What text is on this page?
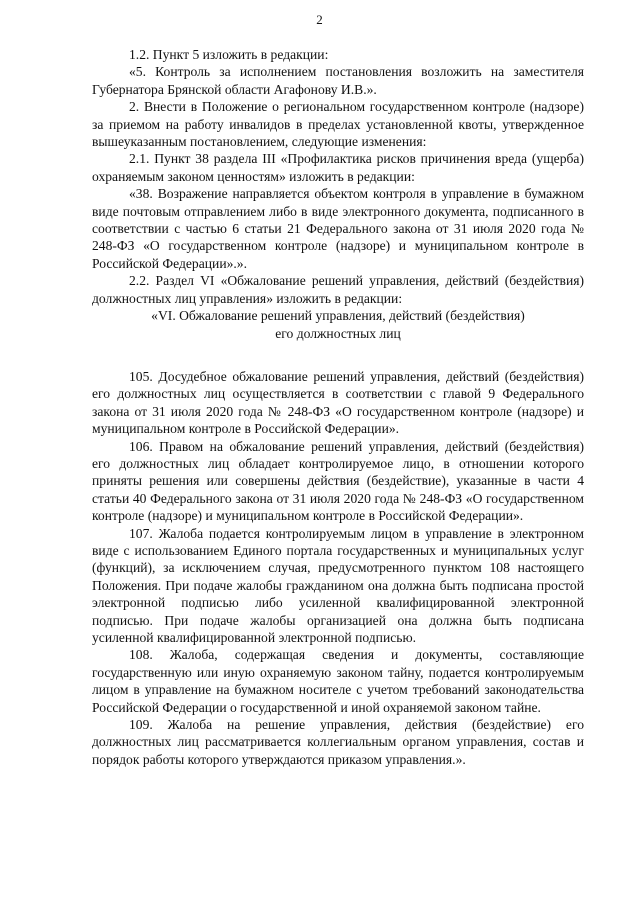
2

1.2. Пункт 5 изложить в редакции:

«5. Контроль за исполнением постановления возложить на заместителя Губернатора Брянской области Агафонову И.В.».

2. Внести в Положение о региональном государственном контроле (надзоре) за приемом на работу инвалидов в пределах установленной квоты, утвержденное вышеуказанным постановлением, следующие изменения:

2.1. Пункт 38 раздела III «Профилактика рисков причинения вреда (ущерба) охраняемым законом ценностям» изложить в редакции:

«38. Возражение направляется объектом контроля в управление в бумажном виде почтовым отправлением либо в виде электронного документа, подписанного в соответствии с частью 6 статьи 21 Федерального закона от 31 июля 2020 года № 248-ФЗ «О государственном контроле (надзоре) и муниципальном контроле в Российской Федерации».».

2.2. Раздел VI «Обжалование решений управления, действий (бездействия) должностных лиц управления» изложить в редакции:

«VI. Обжалование решений управления, действий (бездействия)
его должностных лиц

105. Досудебное обжалование решений управления, действий (бездействия) его должностных лиц осуществляется в соответствии с главой 9 Федерального закона от 31 июля 2020 года № 248-ФЗ «О государственном контроле (надзоре) и муниципальном контроле в Российской Федерации».

106. Правом на обжалование решений управления, действий (бездействия) его должностных лиц обладает контролируемое лицо, в отношении которого приняты решения или совершены действия (бездействие), указанные в части 4 статьи 40 Федерального закона от 31 июля 2020 года № 248-ФЗ «О государственном контроле (надзоре) и муниципальном контроле в Российской Федерации».

107. Жалоба подается контролируемым лицом в управление в электронном виде с использованием Единого портала государственных и муниципальных услуг (функций), за исключением случая, предусмотренного пунктом 108 настоящего Положения. При подаче жалобы гражданином она должна быть подписана простой электронной подписью либо усиленной квалифицированной электронной подписью. При подаче жалобы организацией она должна быть подписана усиленной квалифицированной электронной подписью.

108. Жалоба, содержащая сведения и документы, составляющие государственную или иную охраняемую законом тайну, подается контролируемым лицом в управление на бумажном носителе с учетом требований законодательства Российской Федерации о государственной и иной охраняемой законом тайне.

109. Жалоба на решение управления, действия (бездействие) его должностных лиц рассматривается коллегиальным органом управления, состав и порядок работы которого утверждаются приказом управления.».
